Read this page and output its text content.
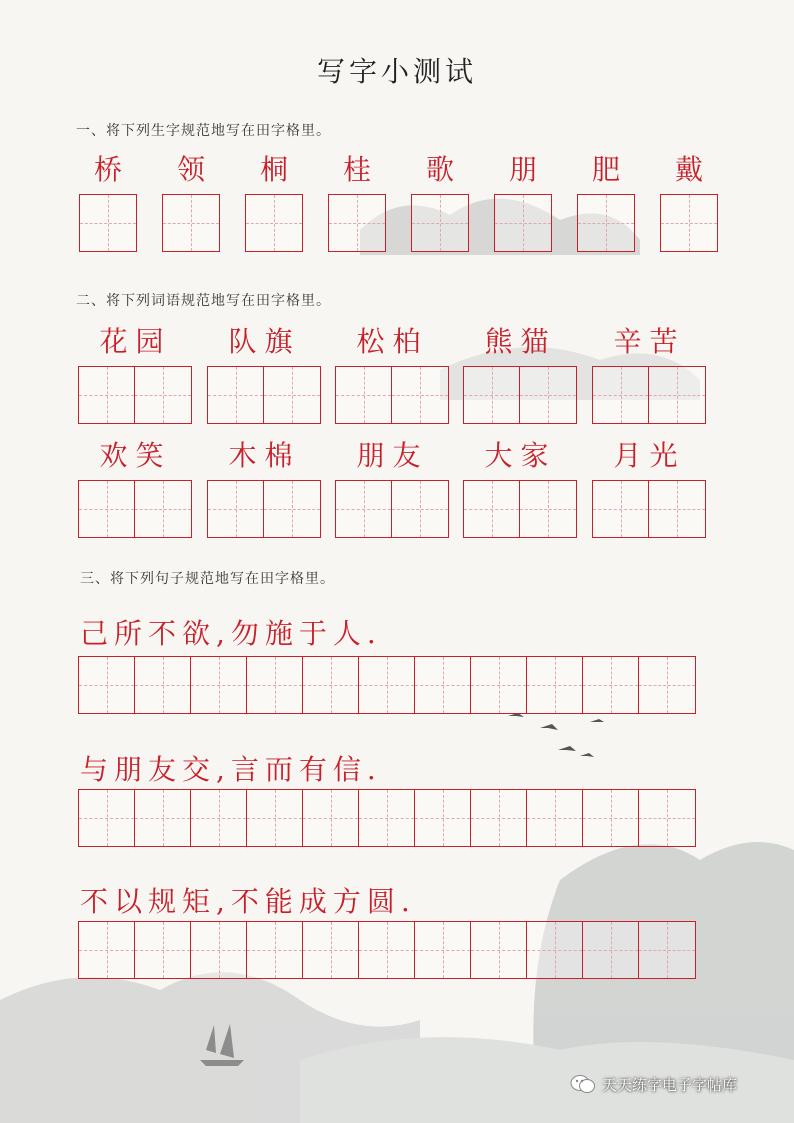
写字小测试
一、将下列生字规范地写在田字格里。
桥	领	桐	桂	歌	朋	肥	戴
二、将下列词语规范地写在田字格里。
花园	队旗	松柏	熊猫	辛苦
欢笑	木棉	朋友	大家	月光
三、将下列句子规范地写在田字格里。
己所不欲,勿施于人.
与朋友交,言而有信.
不以规矩,不能成方圆.
天天练字电子字帖库
